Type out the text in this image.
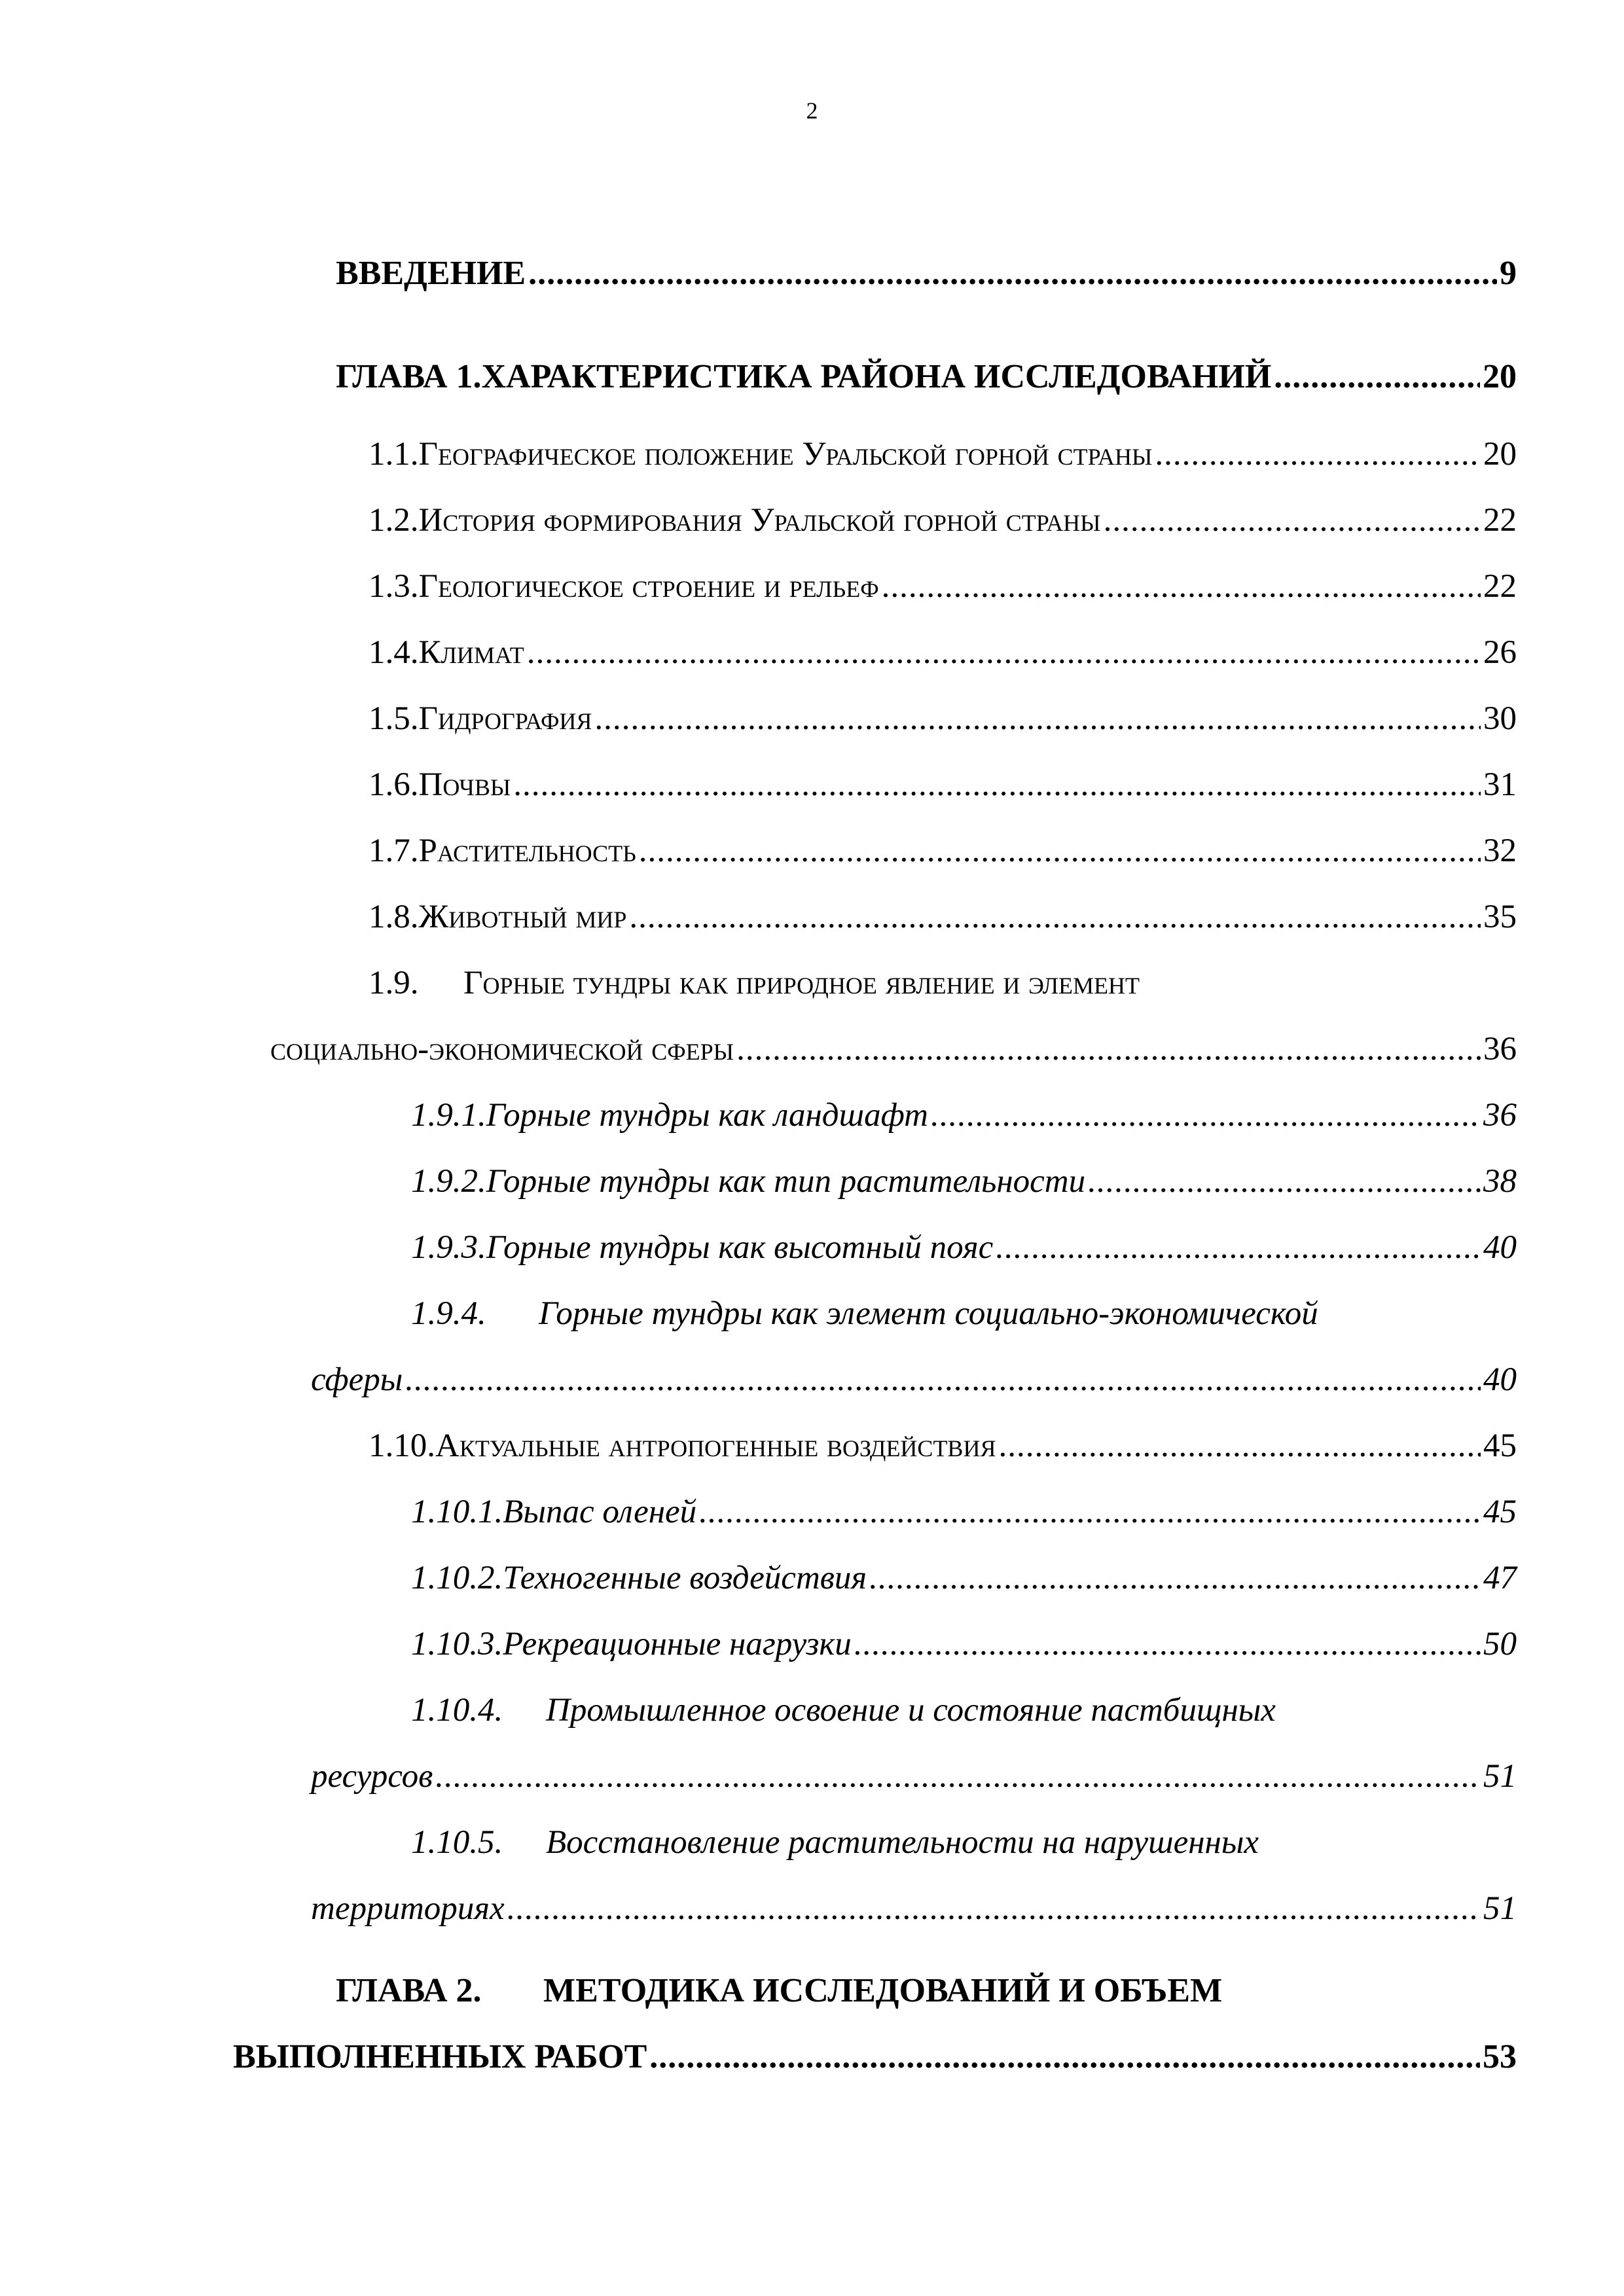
2
ВВЕДЕНИЕ .....	9
ГЛАВА 1. ХАРАКТЕРИСТИКА РАЙОНА ИССЛЕДОВАНИЙ .....	20
1.1. Географическое положение Уральской горной страны .....	20
1.2. История формирования Уральской горной страны .....	22
1.3. Геологическое строение и рельеф .....	22
1.4. Климат .....	26
1.5. Гидрография .....	30
1.6. Почвы .....	31
1.7. Растительность .....	32
1.8. Животный мир .....	35
1.9. Горные тундры как природное явление и элемент
социально-экономической сферы .....	36
1.9.1. Горные тундры как ландшафт .....	36
1.9.2. Горные тундры как тип растительности .....	38
1.9.3. Горные тундры как высотный пояс .....	40
1.9.4. Горные тундры как элемент социально-экономической
сферы .....	40
1.10. Актуальные антропогенные воздействия .....	45
1.10.1. Выпас оленей .....	45
1.10.2. Техногенные воздействия .....	47
1.10.3. Рекреационные нагрузки .....	50
1.10.4. Промышленное освоение и состояние пастбищных
ресурсов .....	51
1.10.5. Восстановление растительности на нарушенных
территориях .....	51
ГЛАВА 2. МЕТОДИКА ИССЛЕДОВАНИЙ И ОБЪЕМ
ВЫПОЛНЕННЫХ РАБОТ .....	53
